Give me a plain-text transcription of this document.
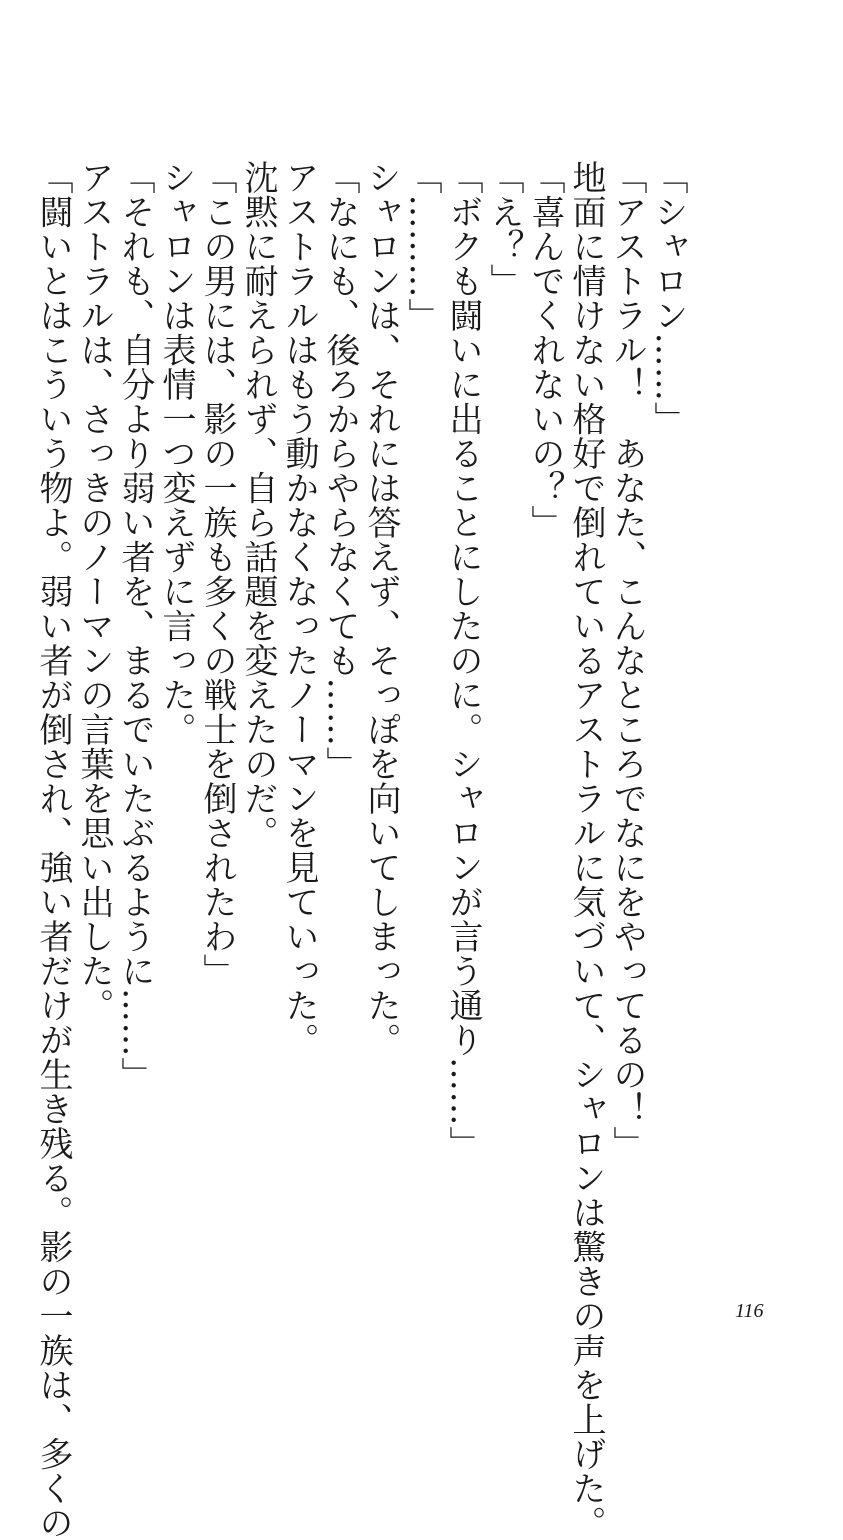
「シャロン……」
「アストラル！　あなた、こんなところでなにをやってるの！」
地面に情けない格好で倒れているアストラルに気づいて、シャロンは驚きの声を上げた。
「喜んでくれないの？」
「え？」
「ボクも闘いに出ることにしたのに。シャロンが言う通り……」
「………」
シャロンは、それには答えず、そっぽを向いてしまった。
「なにも、後ろからやらなくても……」
アストラルはもう動かなくなったノーマンを見ていった。
沈黙に耐えられず、自ら話題を変えたのだ。
「この男には、影の一族も多くの戦士を倒されたわ」
シャロンは表情一つ変えずに言った。
「それも、自分より弱い者を、まるでいたぶるように……」
アストラルは、さっきのノーマンの言葉を思い出した。
「闘いとはこういう物よ。弱い者が倒され、強い者だけが生き残る。影の一族は、多くの	116
